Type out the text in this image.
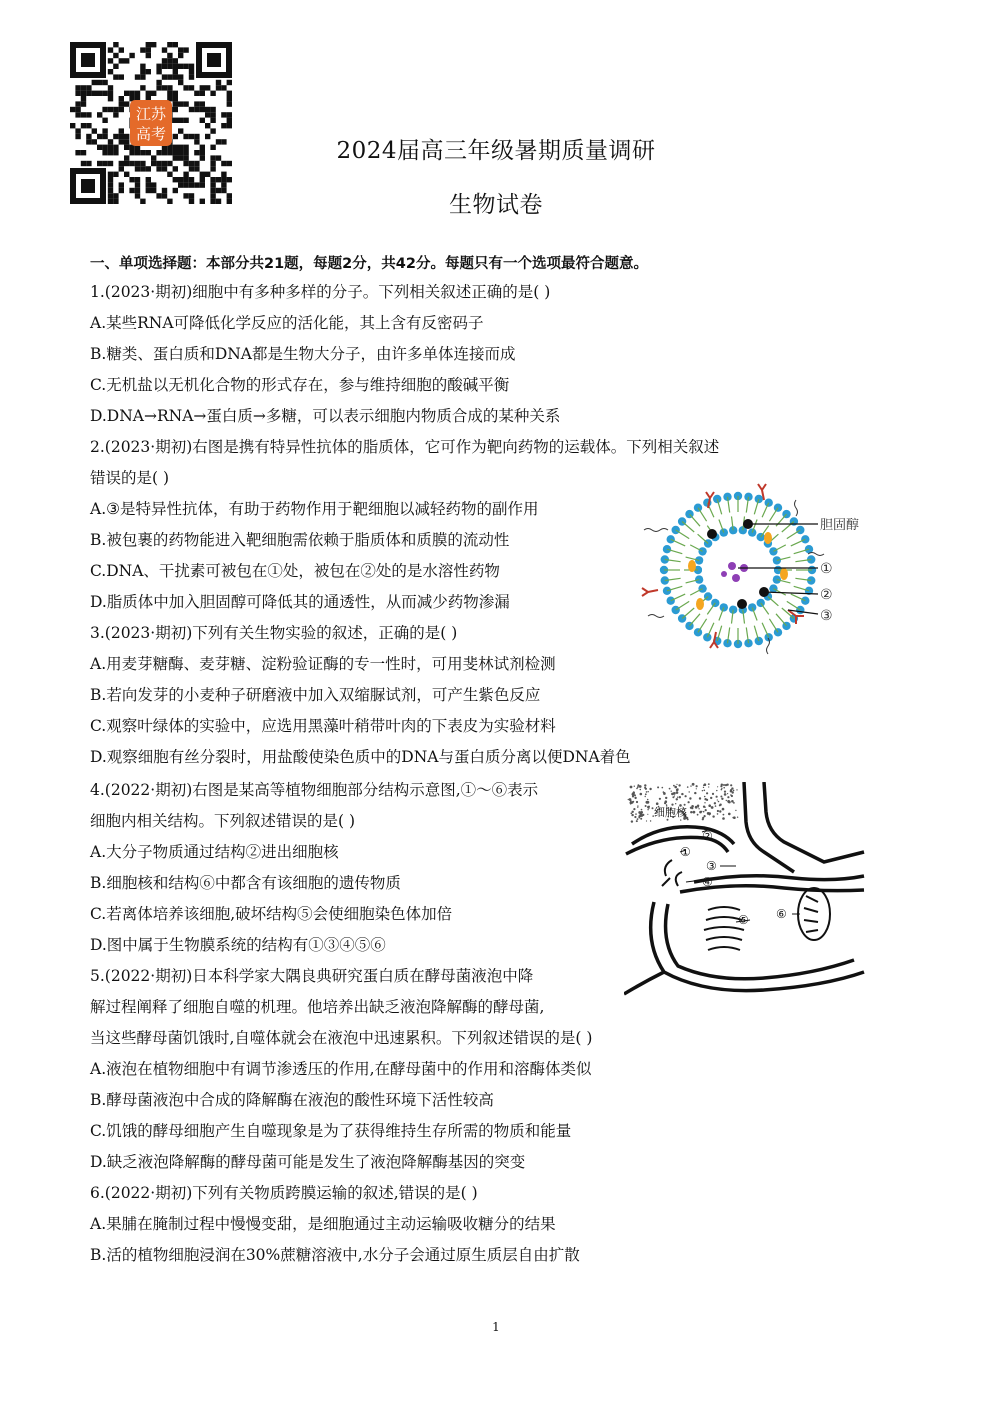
江苏
高考
2024届高三年级暑期质量调研
生物试卷
一、单项选择题：本部分共21题，每题2分，共42分。每题只有一个选项最符合题意。
1.(2023·期初)细胞中有多种多样的分子。下列相关叙述正确的是( )
A.某些RNA可降低化学反应的活化能，其上含有反密码子
B.糖类、蛋白质和DNA都是生物大分子，由许多单体连接而成
C.无机盐以无机化合物的形式存在，参与维持细胞的酸碱平衡
D.DNA→RNA→蛋白质→多糖，可以表示细胞内物质合成的某种关系
2.(2023·期初)右图是携有特异性抗体的脂质体，它可作为靶向药物的运载体。下列相关叙述
错误的是( )
A.③是特异性抗体，有助于药物作用于靶细胞以减轻药物的副作用
B.被包裹的药物能进入靶细胞需依赖于脂质体和质膜的流动性
C.DNA、干扰素可被包在①处，被包在②处的是水溶性药物
D.脂质体中加入胆固醇可降低其的通透性，从而减少药物渗漏
胆固醇
①
②
③
3.(2023·期初)下列有关生物实验的叙述，正确的是( )
A.用麦芽糖酶、麦芽糖、淀粉验证酶的专一性时，可用斐林试剂检测
B.若向发芽的小麦种子研磨液中加入双缩脲试剂，可产生紫色反应
C.观察叶绿体的实验中，应选用黑藻叶稍带叶肉的下表皮为实验材料
D.观察细胞有丝分裂时，用盐酸使染色质中的DNA与蛋白质分离以便DNA着色
4.(2022·期初)右图是某高等植物细胞部分结构示意图,①～⑥表示
细胞内相关结构。下列叙述错误的是( )
A.大分子物质通过结构②进出细胞核
B.细胞核和结构⑥中都含有该细胞的遗传物质
C.若离体培养该细胞,破坏结构⑤会使细胞染色体加倍
D.图中属于生物膜系统的结构有①③④⑤⑥
细胞核
②
①
③
④
⑤ ⑥
5.(2022·期初)日本科学家大隅良典研究蛋白质在酵母菌液泡中降
解过程阐释了细胞自噬的机理。他培养出缺乏液泡降解酶的酵母菌,
当这些酵母菌饥饿时,自噬体就会在液泡中迅速累积。下列叙述错误的是( )
A.液泡在植物细胞中有调节渗透压的作用,在酵母菌中的作用和溶酶体类似
B.酵母菌液泡中合成的降解酶在液泡的酸性环境下活性较高
C.饥饿的酵母细胞产生自噬现象是为了获得维持生存所需的物质和能量
D.缺乏液泡降解酶的酵母菌可能是发生了液泡降解酶基因的突变
6.(2022·期初)下列有关物质跨膜运输的叙述,错误的是( )
A.果脯在腌制过程中慢慢变甜，是细胞通过主动运输吸收糖分的结果
B.活的植物细胞浸润在30%蔗糖溶液中,水分子会通过原生质层自由扩散
1
